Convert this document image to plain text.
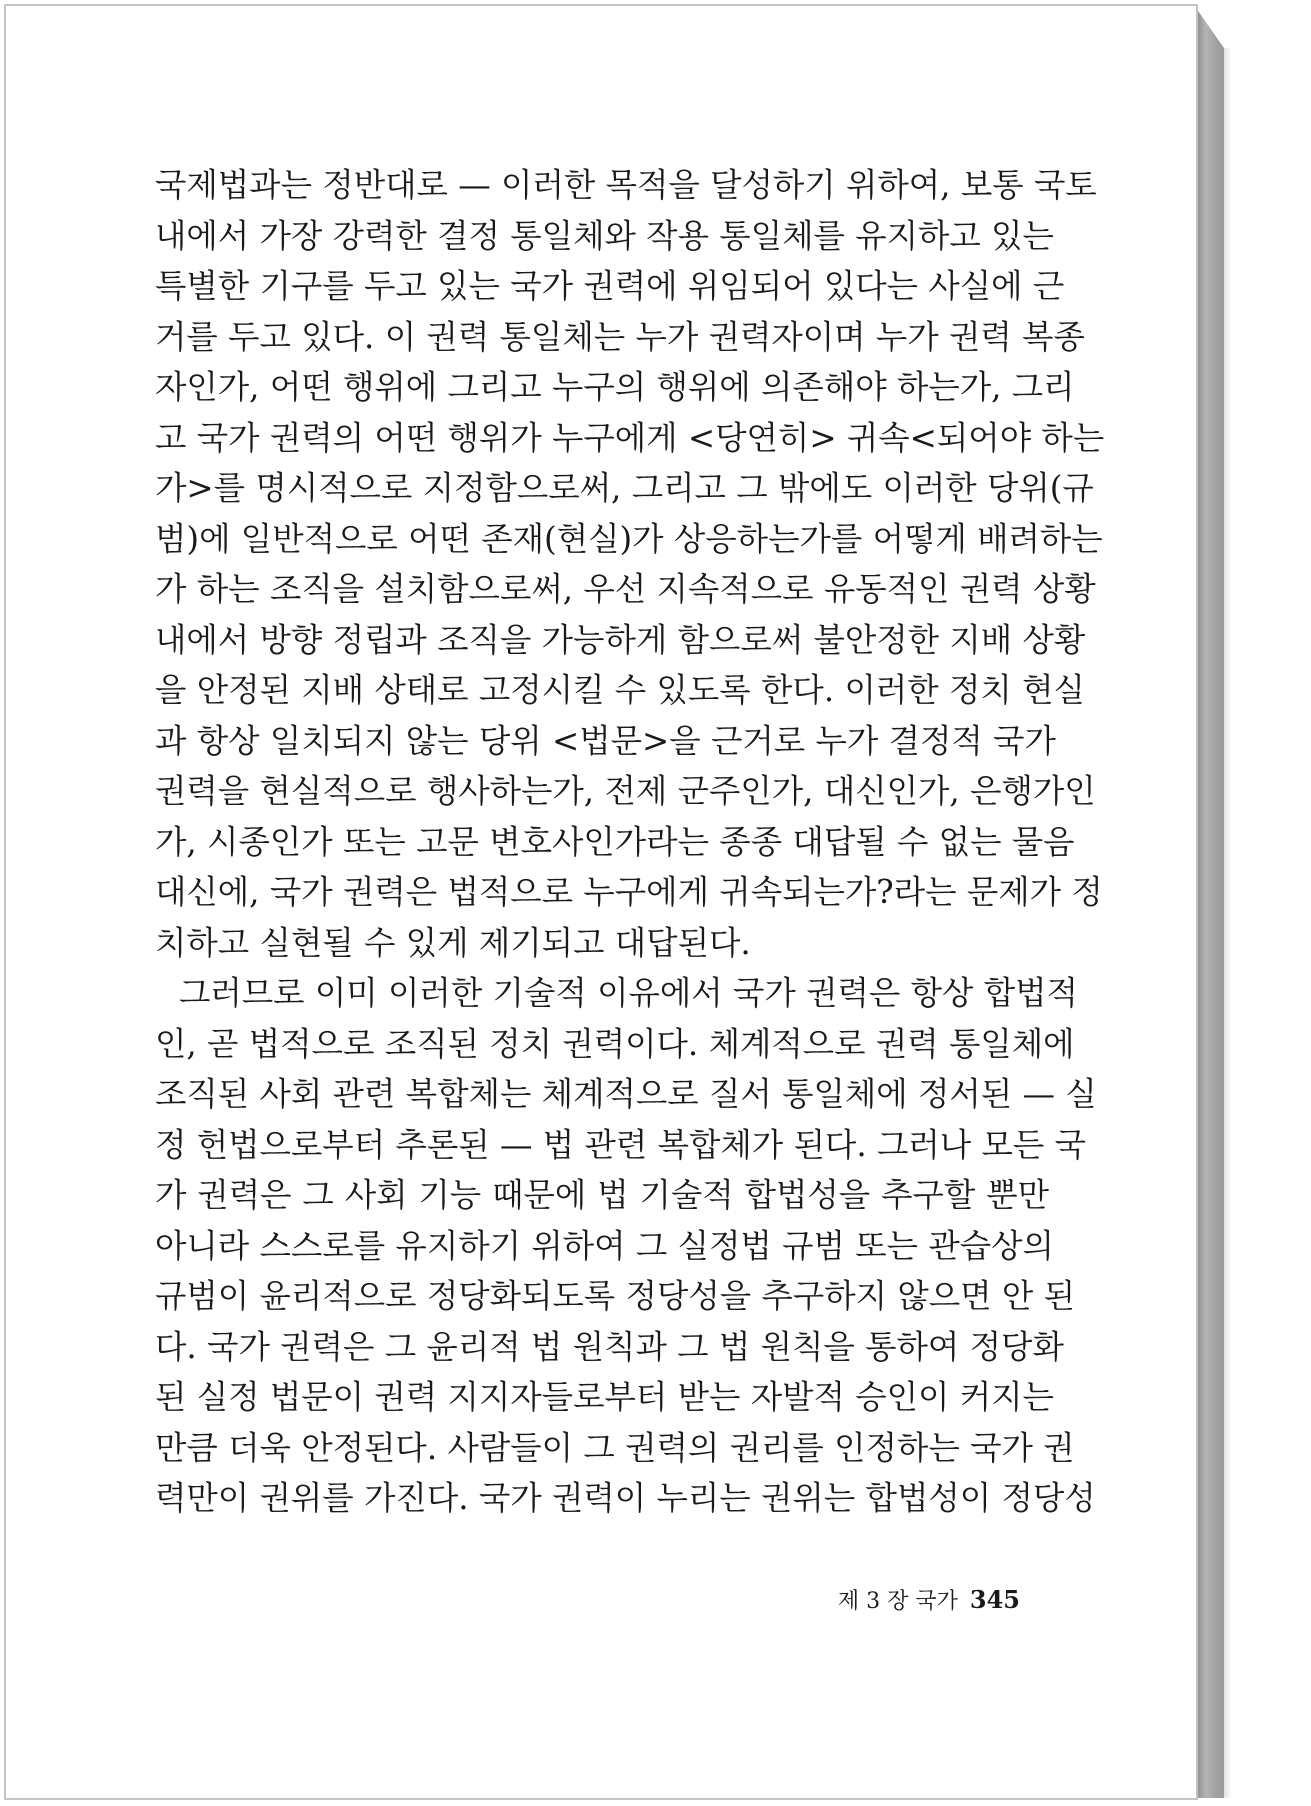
국제법과는 정반대로 — 이러한 목적을 달성하기 위하여, 보통 국토
내에서 가장 강력한 결정 통일체와 작용 통일체를 유지하고 있는
특별한 기구를 두고 있는 국가 권력에 위임되어 있다는 사실에 근
거를 두고 있다. 이 권력 통일체는 누가 권력자이며 누가 권력 복종
자인가, 어떤 행위에 그리고 누구의 행위에 의존해야 하는가, 그리
고 국가 권력의 어떤 행위가 누구에게 <당연히> 귀속<되어야 하는
가>를 명시적으로 지정함으로써, 그리고 그 밖에도 이러한 당위(규
범)에 일반적으로 어떤 존재(현실)가 상응하는가를 어떻게 배려하는
가 하는 조직을 설치함으로써, 우선 지속적으로 유동적인 권력 상황
내에서 방향 정립과 조직을 가능하게 함으로써 불안정한 지배 상황
을 안정된 지배 상태로 고정시킬 수 있도록 한다. 이러한 정치 현실
과 항상 일치되지 않는 당위 <법문>을 근거로 누가 결정적 국가
권력을 현실적으로 행사하는가, 전제 군주인가, 대신인가, 은행가인
가, 시종인가 또는 고문 변호사인가라는 종종 대답될 수 없는 물음
대신에, 국가 권력은 법적으로 누구에게 귀속되는가?라는 문제가 정
치하고 실현될 수 있게 제기되고 대답된다.
그러므로 이미 이러한 기술적 이유에서 국가 권력은 항상 합법적
인, 곧 법적으로 조직된 정치 권력이다. 체계적으로 권력 통일체에
조직된 사회 관련 복합체는 체계적으로 질서 통일체에 정서된 — 실
정 헌법으로부터 추론된 — 법 관련 복합체가 된다. 그러나 모든 국
가 권력은 그 사회 기능 때문에 법 기술적 합법성을 추구할 뿐만
아니라 스스로를 유지하기 위하여 그 실정법 규범 또는 관습상의
규범이 윤리적으로 정당화되도록 정당성을 추구하지 않으면 안 된
다. 국가 권력은 그 윤리적 법 원칙과 그 법 원칙을 통하여 정당화
된 실정 법문이 권력 지지자들로부터 받는 자발적 승인이 커지는
만큼 더욱 안정된다. 사람들이 그 권력의 권리를 인정하는 국가 권
력만이 권위를 가진다. 국가 권력이 누리는 권위는 합법성이 정당성
제 3 장 국가 345
